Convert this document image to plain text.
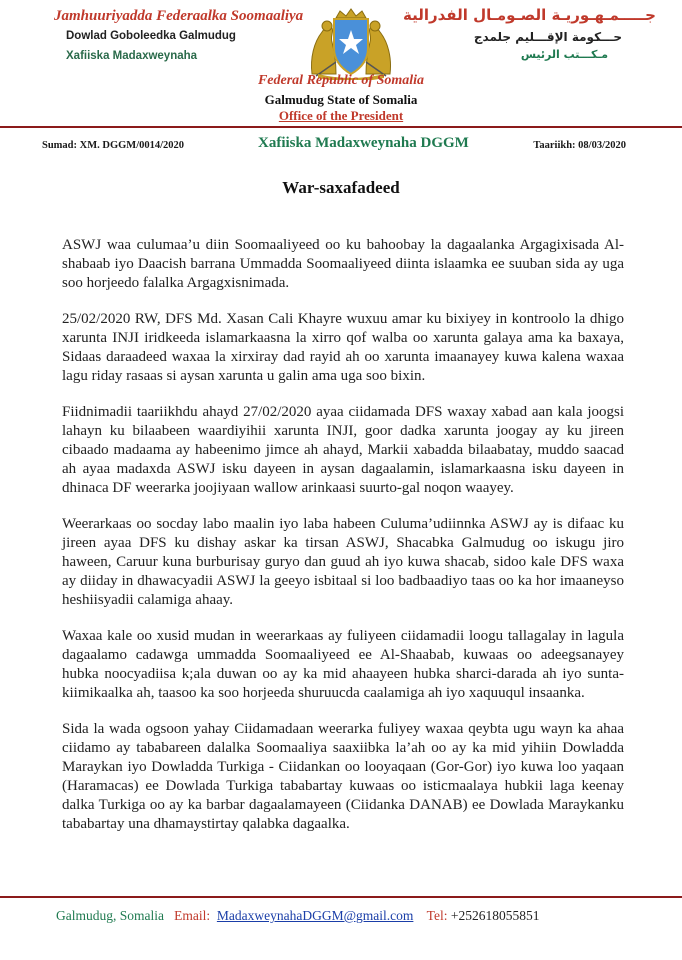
Jamhuuriyadda Federaalka Soomaaliya
Dowlad Goboleedka Galmudug
Xafiiska Madaxweynaha
جـــــمـهـوريـة الصـومـال الفدرالية
حـــكومة الإقـــليم جلمدج
مـكـــتب الرئيس
Federal Republic of Somalia
Galmudug State of Somalia
Office of the President
Sumad: XM. DGGM/0014/2020	Xafiiska Madaxweynaha DGGM	Taariikh: 08/03/2020
War-saxafadeed

ASWJ waa culumaa’u diin Soomaaliyeed oo ku bahoobay la dagaalanka Argagixisada Al-shabaab iyo Daacish barrana Ummadda Soomaaliyeed diinta islaamka ee suuban sida ay uga soo horjeedo falalka Argagxisnimada.

25/02/2020 RW, DFS Md. Xasan Cali Khayre wuxuu amar ku bixiyey in kontroolo la dhigo xarunta INJI iridkeeda islamarkaasna la xirro qof walba oo xarunta galaya ama ka baxaya, Sidaas daraadeed waxaa la xirxiray dad rayid ah oo xarunta imaanayey kuwa kalena waxaa lagu riday rasaas si aysan xarunta u galin ama uga soo bixin.

Fiidnimadii taariikhdu ahayd 27/02/2020 ayaa ciidamada DFS waxay xabad aan kala joogsi lahayn ku bilaabeen waardiyihii xarunta INJI, goor dadka xarunta joogay ay ku jireen cibaado madaama ay habeenimo jimce ah ahayd, Markii xabadda bilaabatay, muddo saacad ah ayaa madaxda ASWJ isku dayeen in aysan dagaalamin, islamarkaasna isku dayeen in dhinaca DF weerarka joojiyaan wallow arinkaasi suurto-gal noqon waayey.

Weerarkaas oo socday labo maalin iyo laba habeen Culuma’udiinnka ASWJ ay is difaac ku jireen ayaa DFS ku dishay askar ka tirsan ASWJ, Shacabka Galmudug oo iskugu jiro haween, Caruur kuna burburisay guryo dan guud ah iyo kuwa shacab, sidoo kale DFS waxa ay diiday in dhawacyadii ASWJ la geeyo isbitaal si loo badbaadiyo taas oo ka hor imaaneyso heshiisyadii calamiga ahaay.

Waxaa kale oo xusid mudan in weerarkaas ay fuliyeen ciidamadii loogu tallagalay in lagula dagaalamo cadawga ummadda Soomaaliyeed ee Al-Shaabab, kuwaas oo adeegsanayey hubka noocyadiisa k;ala duwan oo ay ka mid ahaayeen hubka sharci-darada ah iyo sunta-kiimikaalka ah, taasoo ka soo horjeeda shuruucda caalamiga ah iyo xaquuqul insaanka.

Sida la wada ogsoon yahay Ciidamadaan weerarka fuliyey waxaa qeybta ugu wayn ka ahaa ciidamo ay tababareen dalalka Soomaaliya saaxiibka la’ah oo ay ka mid yihiin Dowladda Maraykan iyo Dowladda Turkiga - Ciidankan oo looyaqaan (Gor-Gor) iyo kuwa loo yaqaan (Haramacas) ee Dowlada Turkiga tababartay kuwaas oo isticmaalaya hubkii laga keenay dalka Turkiga oo ay ka barbar dagaalamayeen (Ciidanka DANAB) ee Dowlada Maraykanku tababartay una dhamaystirtay qalabka dagaalka.

Galmudug, Somalia Email: MadaxweynahaDGGM@gmail.com Tel: +252618055851
